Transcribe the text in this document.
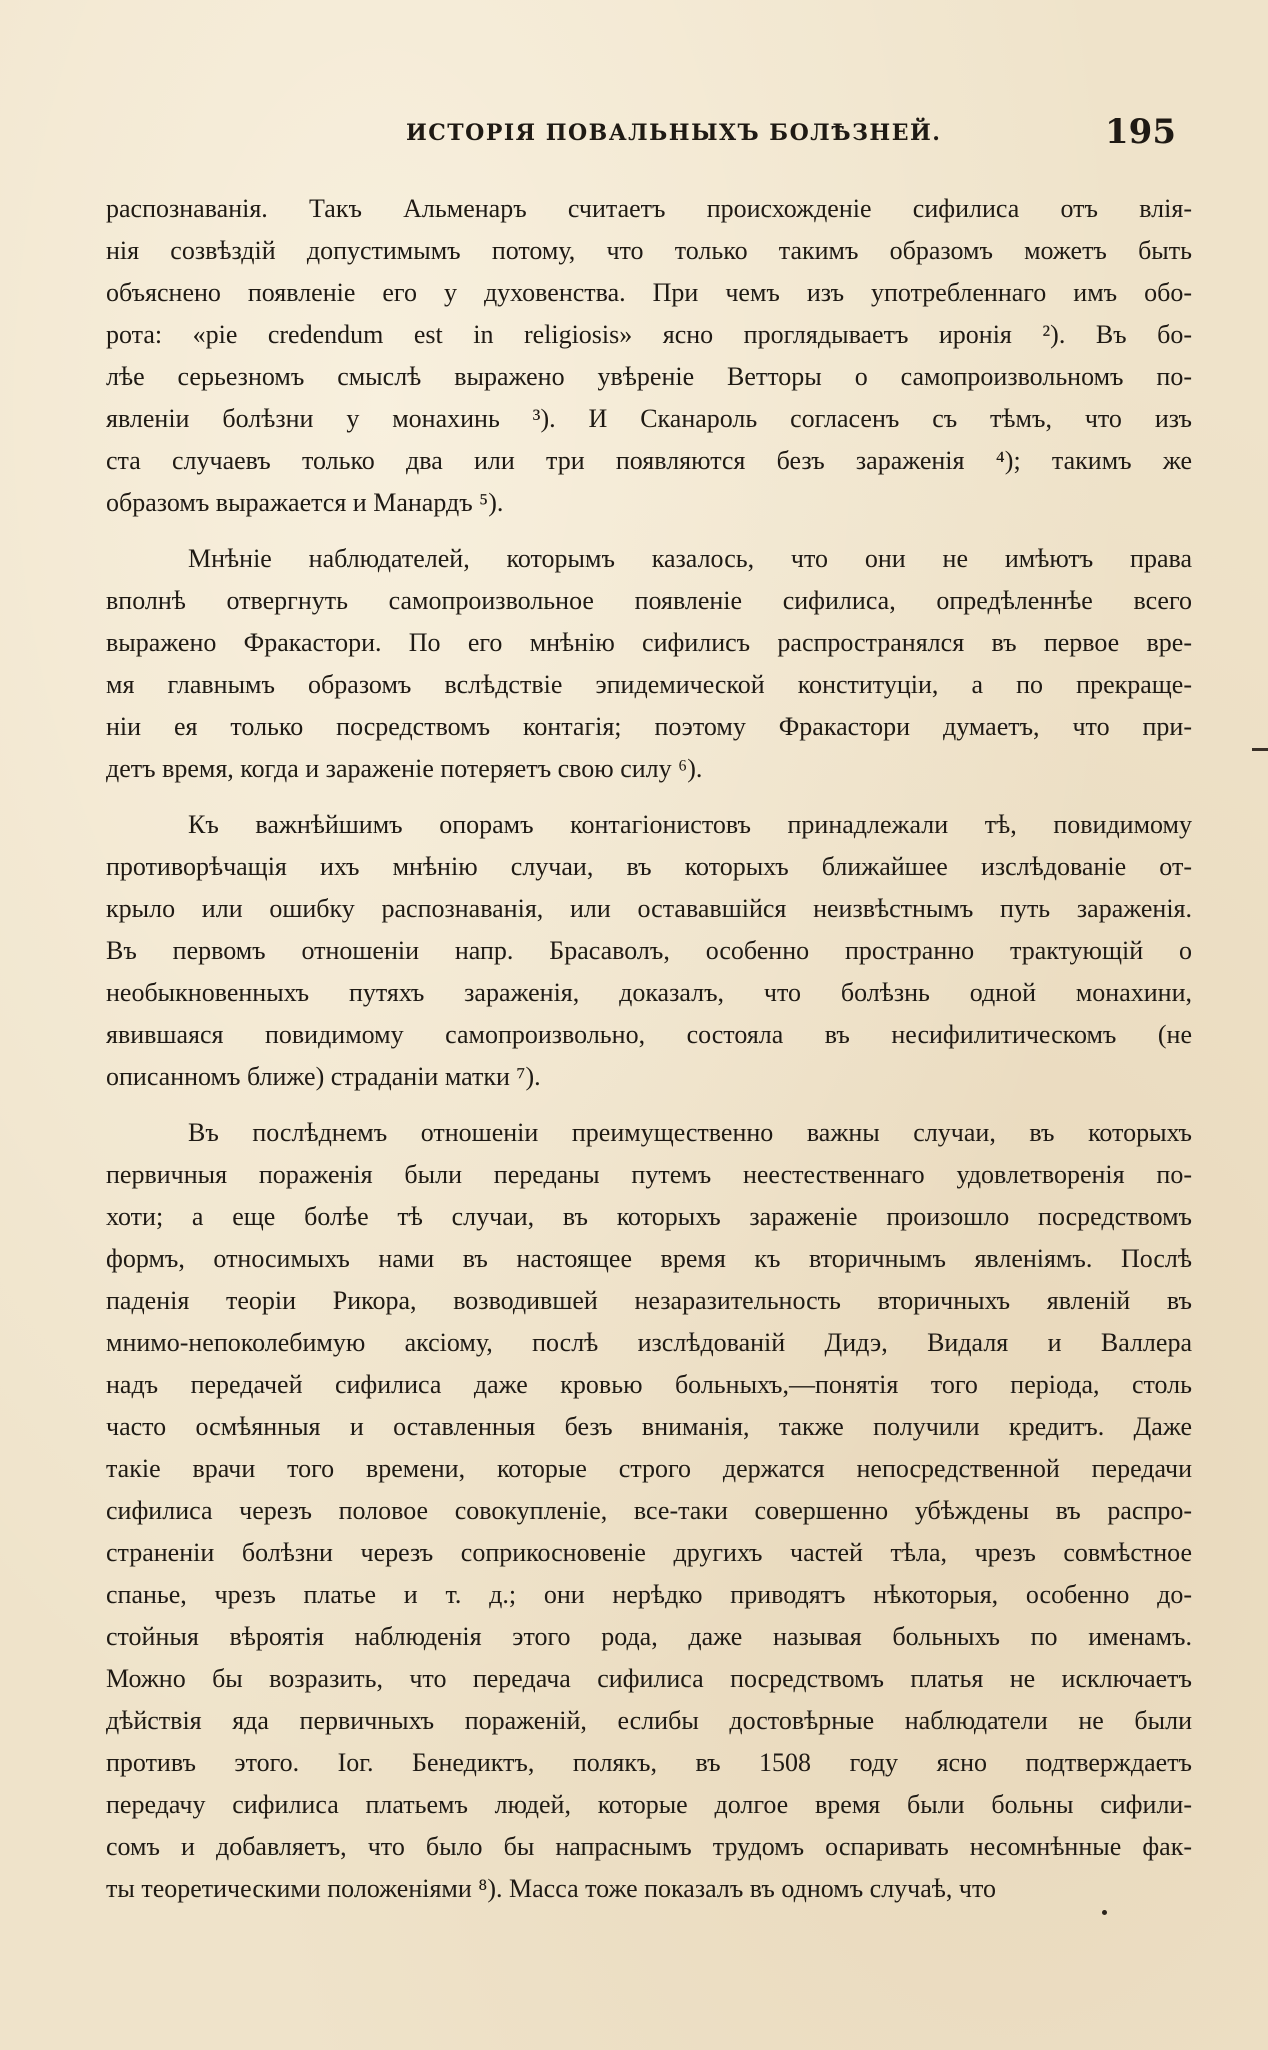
ИСТОРІЯ ПОВАЛЬНЫХЪ БОЛѢЗНЕЙ.	195

распознаванія. Такъ Альменаръ считаетъ происхожденіе сифилиса отъ влія-
нія созвѣздій допустимымъ потому, что только такимъ образомъ можетъ быть
объяснено появленіе его у духовенства. При чемъ изъ употребленнаго имъ обо-
рота: «pie credendum est in religiosis» ясно проглядываетъ иронія ²). Въ бо-
лѣе серьезномъ смыслѣ выражено увѣреніе Ветторы о самопроизвольномъ по-
явленіи болѣзни у монахинь ³). И Сканароль согласенъ съ тѣмъ, что изъ
ста случаевъ только два или три появляются безъ зараженія ⁴); такимъ же
образомъ выражается и Манардъ ⁵).

Мнѣніе наблюдателей, которымъ казалось, что они не имѣютъ права
вполнѣ отвергнуть самопроизвольное появленіе сифилиса, опредѣленнѣе всего
выражено Фракастори. По его мнѣнію сифилисъ распространялся въ первое вре-
мя главнымъ образомъ вслѣдствіе эпидемической конституціи, а по прекраще-
ніи ея только посредствомъ контагія; поэтому Фракастори думаетъ, что при-
детъ время, когда и зараженіе потеряетъ свою силу ⁶).

Къ важнѣйшимъ опорамъ контагіонистовъ принадлежали тѣ, повидимому
противорѣчащія ихъ мнѣнію случаи, въ которыхъ ближайшее изслѣдованіе от-
крыло или ошибку распознаванія, или остававшійся неизвѣстнымъ путь зараженія.
Въ первомъ отношеніи напр. Брасаволъ, особенно пространно трактующій о
необыкновенныхъ путяхъ зараженія, доказалъ, что болѣзнь одной монахини,
явившаяся повидимому самопроизвольно, состояла въ несифилитическомъ (не
описанномъ ближе) страданіи матки ⁷).

Въ послѣднемъ отношеніи преимущественно важны случаи, въ которыхъ
первичныя пораженія были переданы путемъ неестественнаго удовлетворенія по-
хоти; а еще болѣе тѣ случаи, въ которыхъ зараженіе произошло посредствомъ
формъ, относимыхъ нами въ настоящее время къ вторичнымъ явленіямъ. Послѣ
паденія теоріи Рикора, возводившей незаразительность вторичныхъ явленій въ
мнимо-непоколебимую аксіому, послѣ изслѣдованій Дидэ, Видаля и Валлера
надъ передачей сифилиса даже кровью больныхъ,—понятія того періода, столь
часто осмѣянныя и оставленныя безъ вниманія, также получили кредитъ. Даже
такіе врачи того времени, которые строго держатся непосредственной передачи
сифилиса черезъ половое совокупленіе, все-таки совершенно убѣждены въ распро-
страненіи болѣзни черезъ соприкосновеніе другихъ частей тѣла, чрезъ совмѣстное
спанье, чрезъ платье и т. д.; они нерѣдко приводятъ нѣкоторыя, особенно до-
стойныя вѣроятія наблюденія этого рода, даже называя больныхъ по именамъ.
Можно бы возразить, что передача сифилиса посредствомъ платья не исключаетъ
дѣйствія яда первичныхъ пораженій, еслибы достовѣрные наблюдатели не были
противъ этого. Іог. Бенедиктъ, полякъ, въ 1508 году ясно подтверждаетъ
передачу сифилиса платьемъ людей, которые долгое время были больны сифили-
сомъ и добавляетъ, что было бы напраснымъ трудомъ оспаривать несомнѣнные фак-
ты теоретическими положеніями ⁸). Масса тоже показалъ въ одномъ случаѣ, что
